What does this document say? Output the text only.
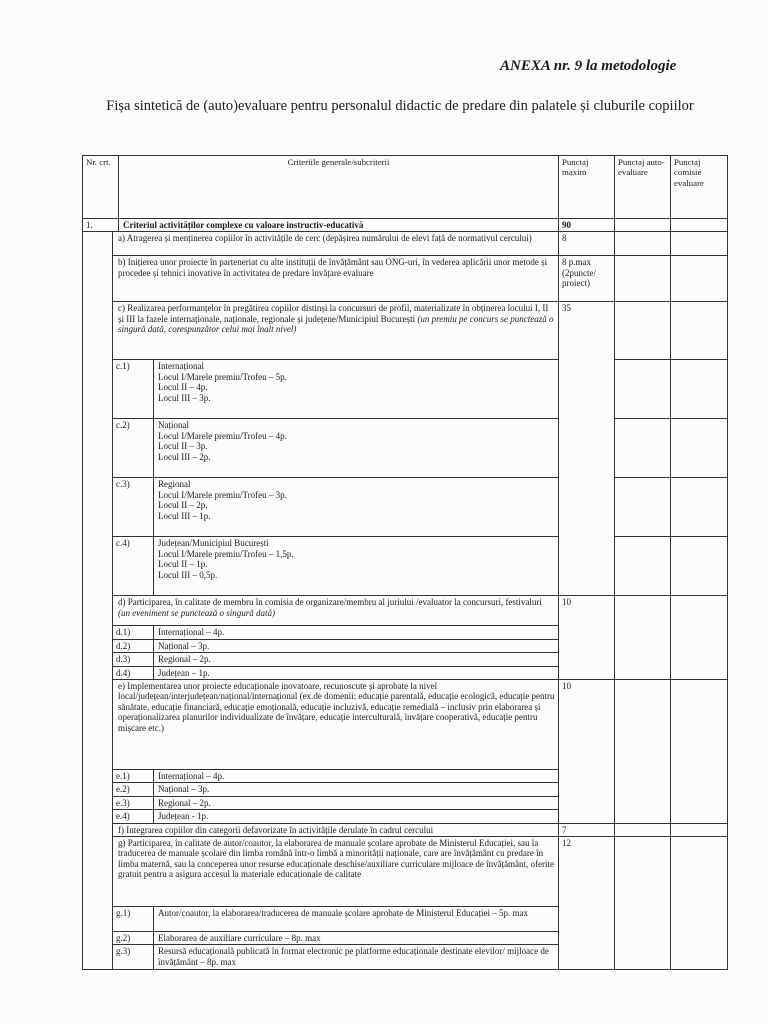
ANEXA nr. 9 la metodologie
Fișa sintetică de (auto)evaluare pentru personalul didactic de predare din palatele și cluburile copiilor
Nr. crt. Criteriile generale/subcriterii		Punctaj maxim	Punctaj auto-evaluare	Punctaj comisie evaluare

1. Criteriul activităților complexe cu valoare instructiv-educativă		90		
	a) Atragerea și menținerea copiilor în activitățile de cerc (depășirea numărului de elevi față de normativul cercului)	8		
	b) Inițierea unor proiecte în parteneriat cu alte instituții de învățământ sau ONG-uri, în vederea aplicării unor metode și procedee și tehnici inovative în activitatea de predare învățare evaluare	8 p.max (2puncte/ proiect)		
	c) Realizarea performanțelor în pregătirea copiilor distinși la concursuri de profil, materializate în obținerea locului I, II și III la fazele internaționale, naționale, regionale și județene/Municipiul București (un premiu pe concurs se punctează o singură dată, corespunzător celui mai înalt nivel)	35		

	c.1) Internațional
Locul I/Marele premiu/Trofeu – 5p.
Locul II – 4p.
Locul III – 3p.			

	c.2) Național
Locul I/Marele premiu/Trofeu – 4p.
Locul II – 3p.
Locul III – 2p.			

	c.3) Regional
Locul I/Marele premiu/Trofeu – 3p.
Locul II – 2p.
Locul III – 1p.			

	c.4) Județean/Municipiul București
Locul I/Marele premiu/Trofeu – 1,5p.
Locul II – 1p.
Locul III – 0,5p.			

	d) Participarea, în calitate de membru în comisia de organizare/membru al juriului /evaluator la concursuri, festivaluri (un eveniment se punctează o singură dată)	10		

	d.1) Internațional – 4p.			

	d.2) Național – 3p.			

	d.3) Regional – 2p.			

	d.4) Județean – 1p.			

	e) Implementarea unor proiecte educaționale inovatoare, recunoscute și aprobate la nivel local/județean/interjudețean/național/internațional (ex.de domenii: educație parentală, educație ecologică, educație pentru sănătate, educație financiară, educație emoțională, educație incluzivă, educație remedială – inclusiv prin elaborarea și operaționalizarea planurilor individualizate de învățare, educație interculturală, învățare cooperativă, educație pentru mișcare etc.)	10		

	e.1) Internațional – 4p.			

	e.2) Național – 3p.			

	e.3) Regional – 2p.			

	e.4) Județean - 1p.			

	f) Integrarea copiilor din categorii defavorizate în activitățile derulate în cadrul cercului	7		
	g) Participarea, în calitate de autor/coautor, la elaborarea de manuale școlare aprobate de Ministerul Educației, sau la traducerea de manuale școlare din limba română într-o limbă a minorității naționale, care are învățământ cu predare în limba maternă, sau la conceperea unor resurse educaționale deschise/auxiliare curriculare mijloace de învățământ, oferite gratuit pentru a asigura accesul la materiale educaționale de calitate	12		

	g.1) Autor/coautor, la elaborarea/traducerea de manuale școlare aprobate de Ministerul Educației – 5p. max			

	g.2) Elaborarea de auxiliare curriculare – 8p. max			

	g.3) Resursă educațională publicată în format electronic pe platforme educaționale destinate elevilor/ mijloace de învățământ – 8p. max			
